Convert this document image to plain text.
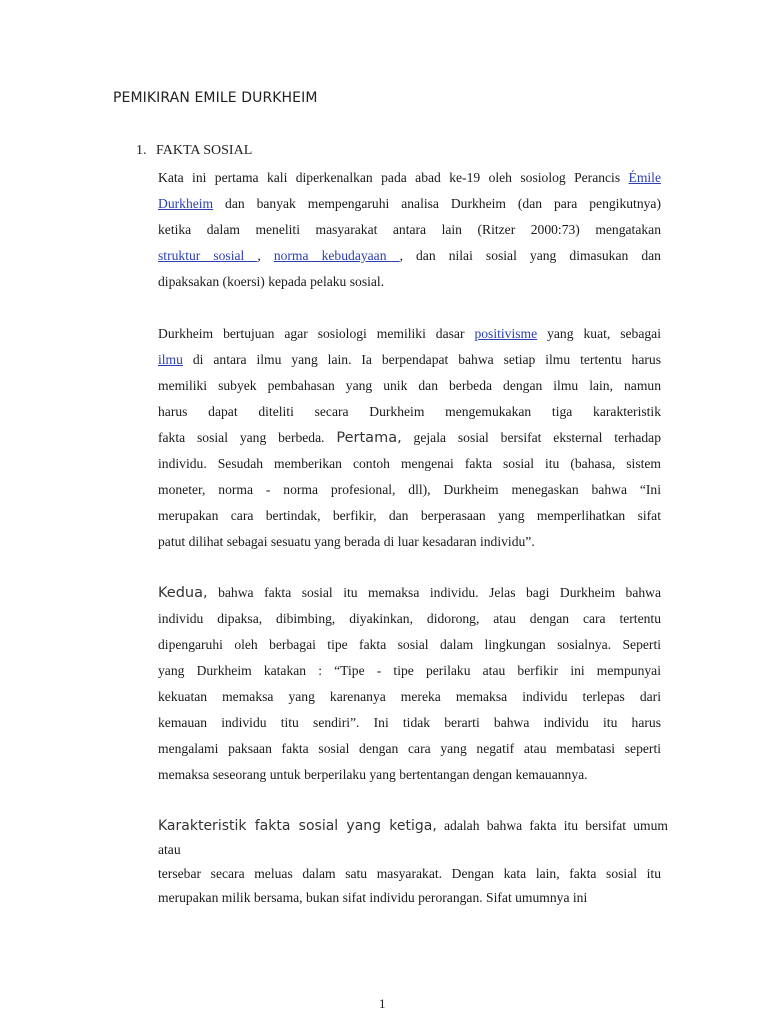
PEMIKIRAN EMILE DURKHEIM
1. FAKTA SOSIAL
Kata ini pertama kali diperkenalkan pada abad ke-19 oleh sosiolog Perancis Émile
Durkheim dan banyak mempengaruhi analisa Durkheim (dan para pengikutnya)
ketika dalam meneliti masyarakat antara lain (Ritzer 2000:73) mengatakan
struktur sosial , norma kebudayaan , dan nilai sosial yang dimasukan dan
dipaksakan (koersi) kepada pelaku sosial.
Durkheim bertujuan agar sosiologi memiliki dasar positivisme yang kuat, sebagai
ilmu di antara ilmu yang lain. Ia berpendapat bahwa setiap ilmu tertentu harus
memiliki subyek pembahasan yang unik dan berbeda dengan ilmu lain, namun
harus dapat diteliti secara Durkheim mengemukakan tiga karakteristik
fakta sosial yang berbeda. Pertama, gejala sosial bersifat eksternal terhadap
individu. Sesudah memberikan contoh mengenai fakta sosial itu (bahasa, sistem
moneter, norma - norma profesional, dll), Durkheim menegaskan bahwa “Ini
merupakan cara bertindak, berfikir, dan berperasaan yang memperlihatkan sifat
patut dilihat sebagai sesuatu yang berada di luar kesadaran individu”.
Kedua, bahwa fakta sosial itu memaksa individu. Jelas bagi Durkheim bahwa
individu dipaksa, dibimbing, diyakinkan, didorong, atau dengan cara tertentu
dipengaruhi oleh berbagai tipe fakta sosial dalam lingkungan sosialnya. Seperti
yang Durkheim katakan : “Tipe - tipe perilaku atau berfikir ini mempunyai
kekuatan memaksa yang karenanya mereka memaksa individu terlepas dari
kemauan individu titu sendiri”. Ini tidak berarti bahwa individu itu harus
mengalami paksaan fakta sosial dengan cara yang negatif atau membatasi seperti
memaksa seseorang untuk berperilaku yang bertentangan dengan kemauannya.
Karakteristik fakta sosial yang ketiga, adalah bahwa fakta itu bersifat umum
atau
tersebar secara meluas dalam satu masyarakat. Dengan kata lain, fakta sosial itu
merupakan milik bersama, bukan sifat individu perorangan. Sifat umumnya ini
1
